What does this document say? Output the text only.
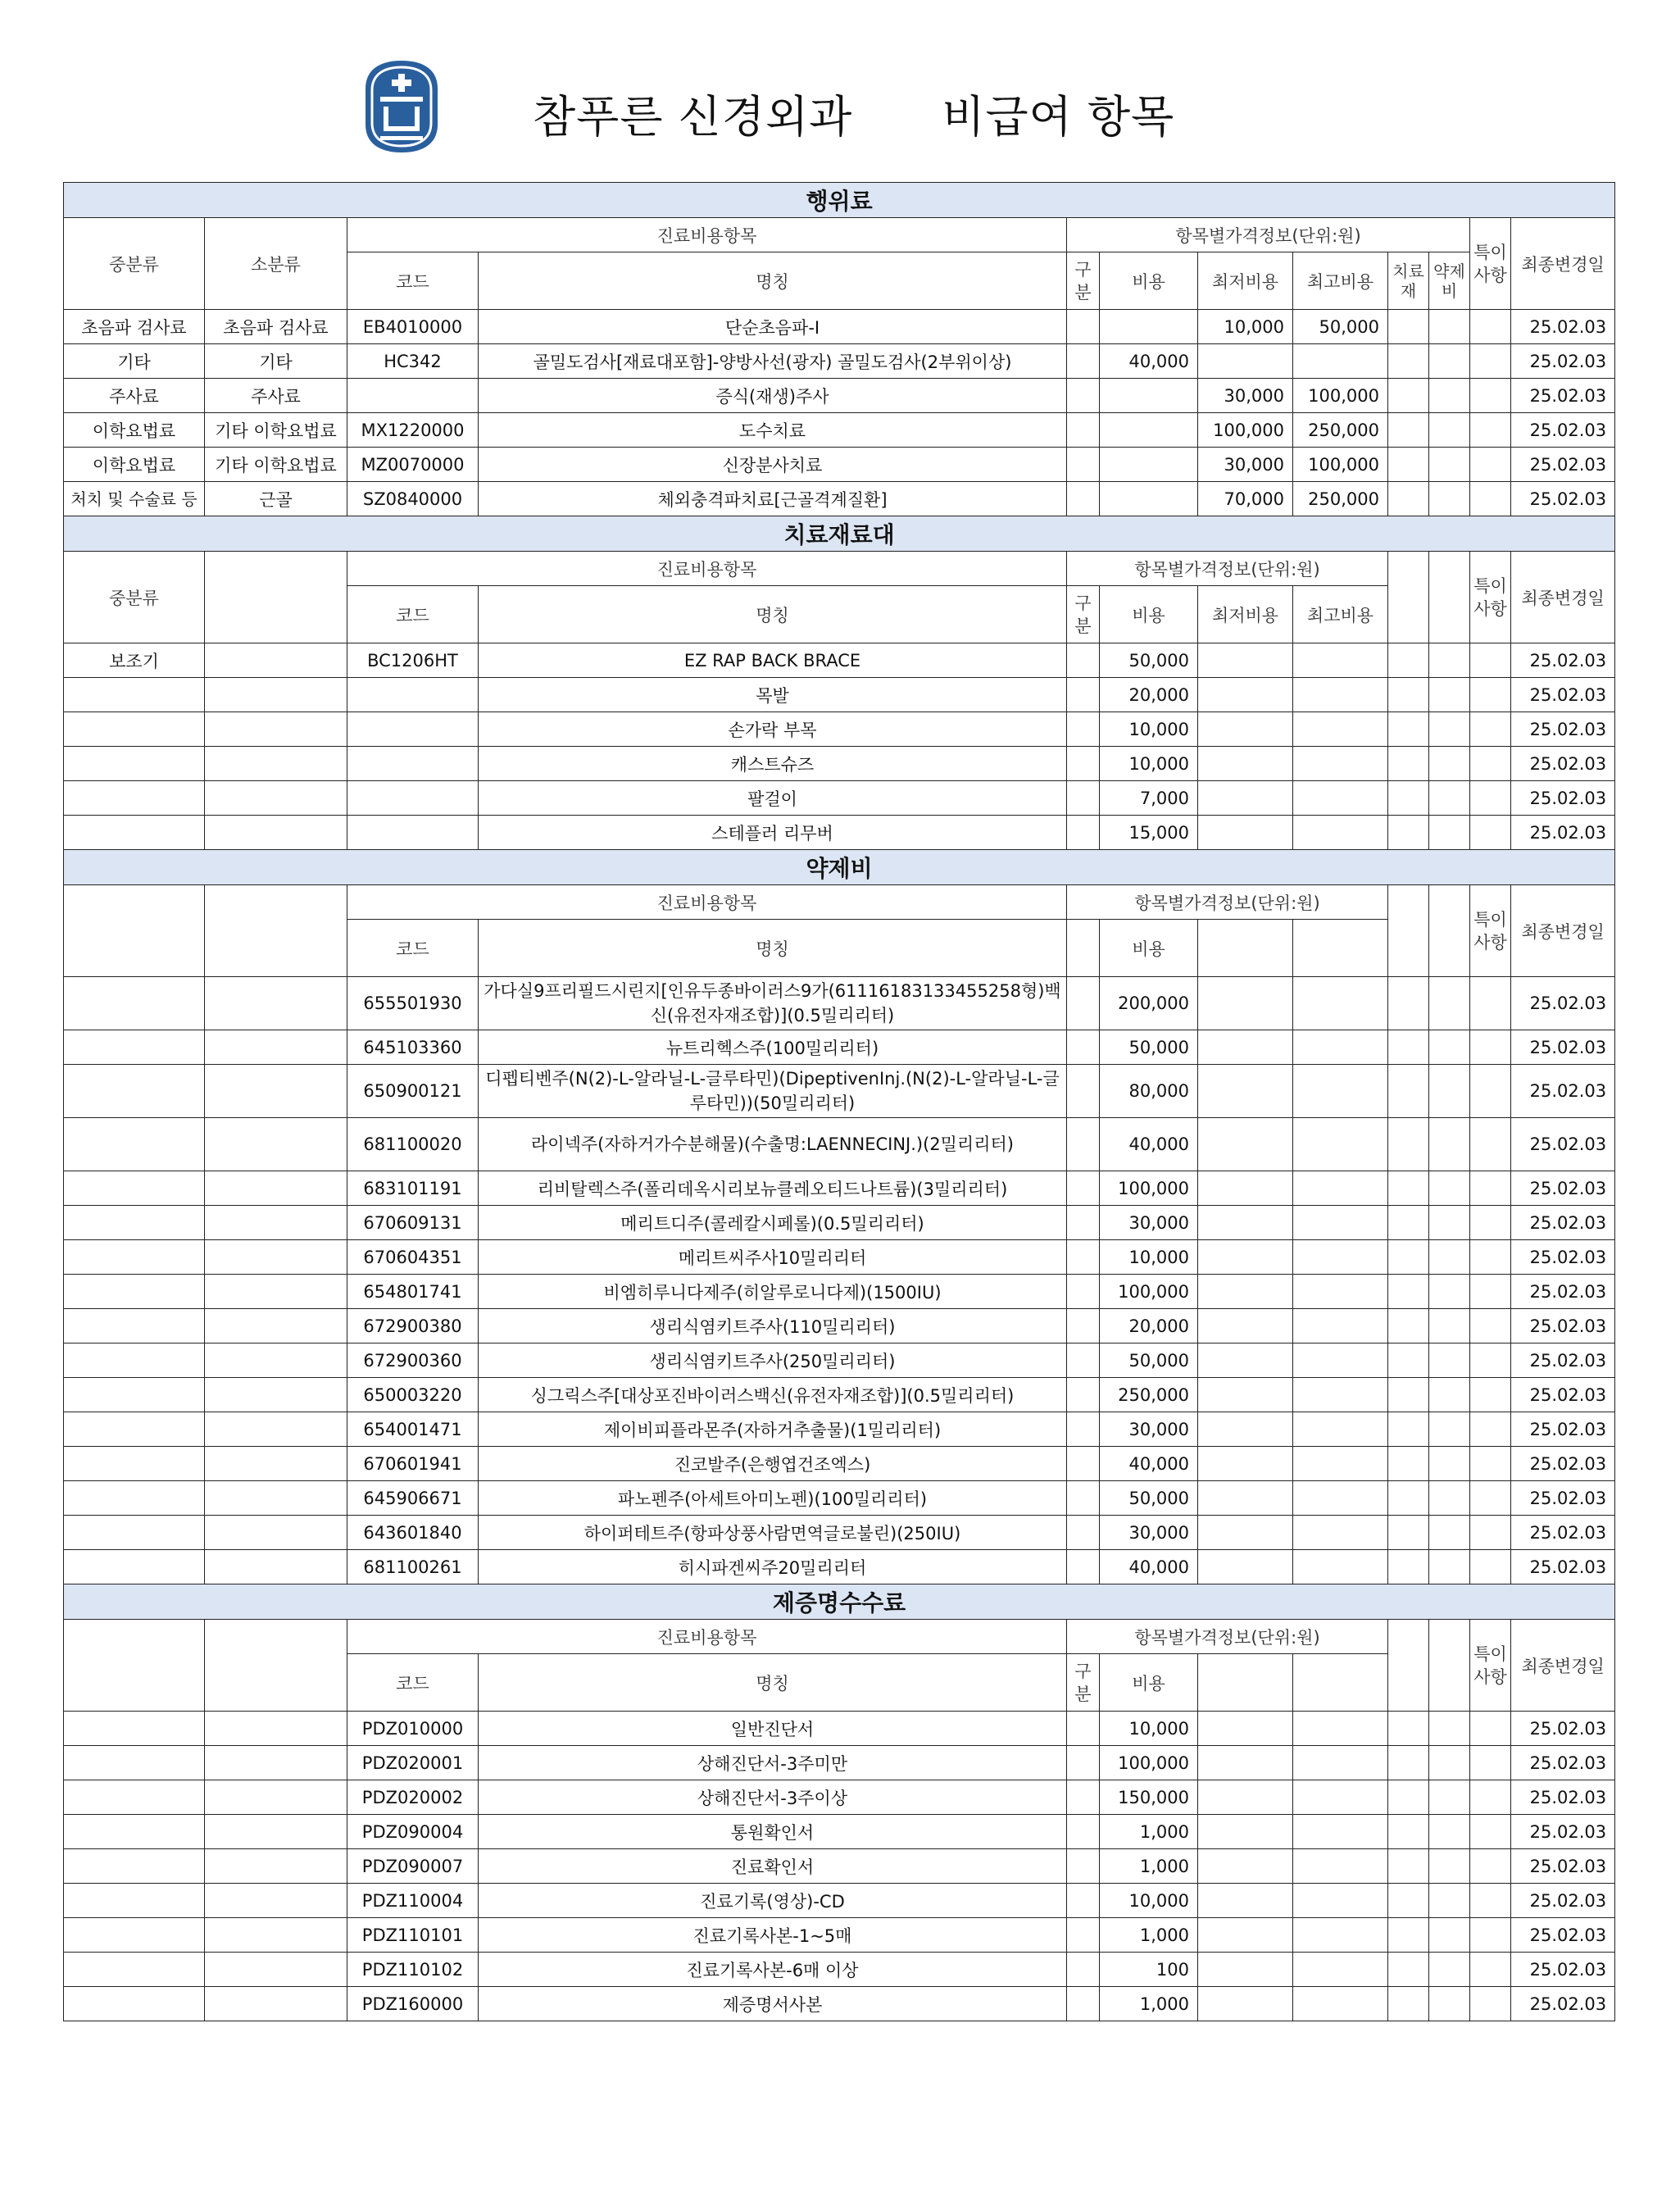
참푸른 신경외과 비급여 항목
행위료											
중분류	소분류	진료비용항목		항목별가격정보(단위:원)						특이사항	최종변경일
		코드	명칭	구분	비용	최저비용	최고비용	치료재	약제비		
초음파 검사료	초음파 검사료	EB4010000	단순초음파-Ⅰ			10,000	50,000				25.02.03
기타	기타	HC342	골밀도검사[재료대포함]-양방사선(광자) 골밀도검사(2부위이상)		40,000						25.02.03
주사료	주사료		증식(재생)주사			30,000	100,000				25.02.03
이학요법료	기타 이학요법료	MX1220000	도수치료			100,000	250,000				25.02.03
이학요법료	기타 이학요법료	MZ0070000	신장분사치료			30,000	100,000				25.02.03
처치 및 수술료 등	근골	SZ0840000	체외충격파치료[근골격계질환]			70,000	250,000				25.02.03
치료재료대											
중분류		진료비용항목		항목별가격정보(단위:원)						특이사항	최종변경일
		코드	명칭	구분	비용	최저비용	최고비용				
보조기		BC1206HT	EZ RAP BACK BRACE		50,000						25.02.03
			목발		20,000						25.02.03
			손가락 부목		10,000						25.02.03
			캐스트슈즈		10,000						25.02.03
			팔걸이		7,000						25.02.03
			스테플러 리무버		15,000						25.02.03
약제비											
		진료비용항목		항목별가격정보(단위:원)						특이사항	최종변경일
		코드	명칭		비용						
		655501930	가다실9프리필드시린지[인유두종바이러스9가(6111618313345525​8형)백신(유전자재조합)](0.5밀리리터)		200,000						25.02.03
		645103360	뉴트리헥스주(100밀리리터)		50,000						25.02.03
		650900121	디펩티벤주(N(2)-L-알라닐-L-글루타민)(DipeptivenInj.(N(2)-L-알라닐-L-글루타민))(50밀리리터)		80,000						25.02.03
		681100020	라이넥주(자하거가수분해물)(수출명:LAENNECINJ.)(2밀리리터)		40,000						25.02.03
		683101191	리비탈렉스주(폴리데옥시리보뉴클레오티드나트륨)(3밀리리터)		100,000						25.02.03
		670609131	메리트디주(콜레칼시페롤)(0.5밀리리터)		30,000						25.02.03
		670604351	메리트씨주사10밀리리터		10,000						25.02.03
		654801741	비엠히루니다제주(히알루로니다제)(1500IU)		100,000						25.02.03
		672900380	생리식염키트주사(110밀리리터)		20,000						25.02.03
		672900360	생리식염키트주사(250밀리리터)		50,000						25.02.03
		650003220	싱그릭스주[대상포진바이러스백신(유전자재조합)](0.5밀리리터)		250,000						25.02.03
		654001471	제이비피플라몬주(자하거추출물)(1밀리리터)		30,000						25.02.03
		670601941	진코발주(은행엽건조엑스)		40,000						25.02.03
		645906671	파노펜주(아세트아미노펜)(100밀리리터)		50,000						25.02.03
		643601840	하이퍼테트주(항파상풍사람면역글로불린)(250IU)		30,000						25.02.03
		681100261	히시파겐씨주20밀리리터		40,000						25.02.03
제증명수수료											
		진료비용항목		항목별가격정보(단위:원)						특이사항	최종변경일
		코드	명칭	구분	비용						
		PDZ010000	일반진단서		10,000						25.02.03
		PDZ020001	상해진단서-3주미만		100,000						25.02.03
		PDZ020002	상해진단서-3주이상		150,000						25.02.03
		PDZ090004	통원확인서		1,000						25.02.03
		PDZ090007	진료확인서		1,000						25.02.03
		PDZ110004	진료기록(영상)-CD		10,000						25.02.03
		PDZ110101	진료기록사본-1~5매		1,000						25.02.03
		PDZ110102	진료기록사본-6매 이상		100						25.02.03
		PDZ160000	제증명서사본		1,000						25.02.03
